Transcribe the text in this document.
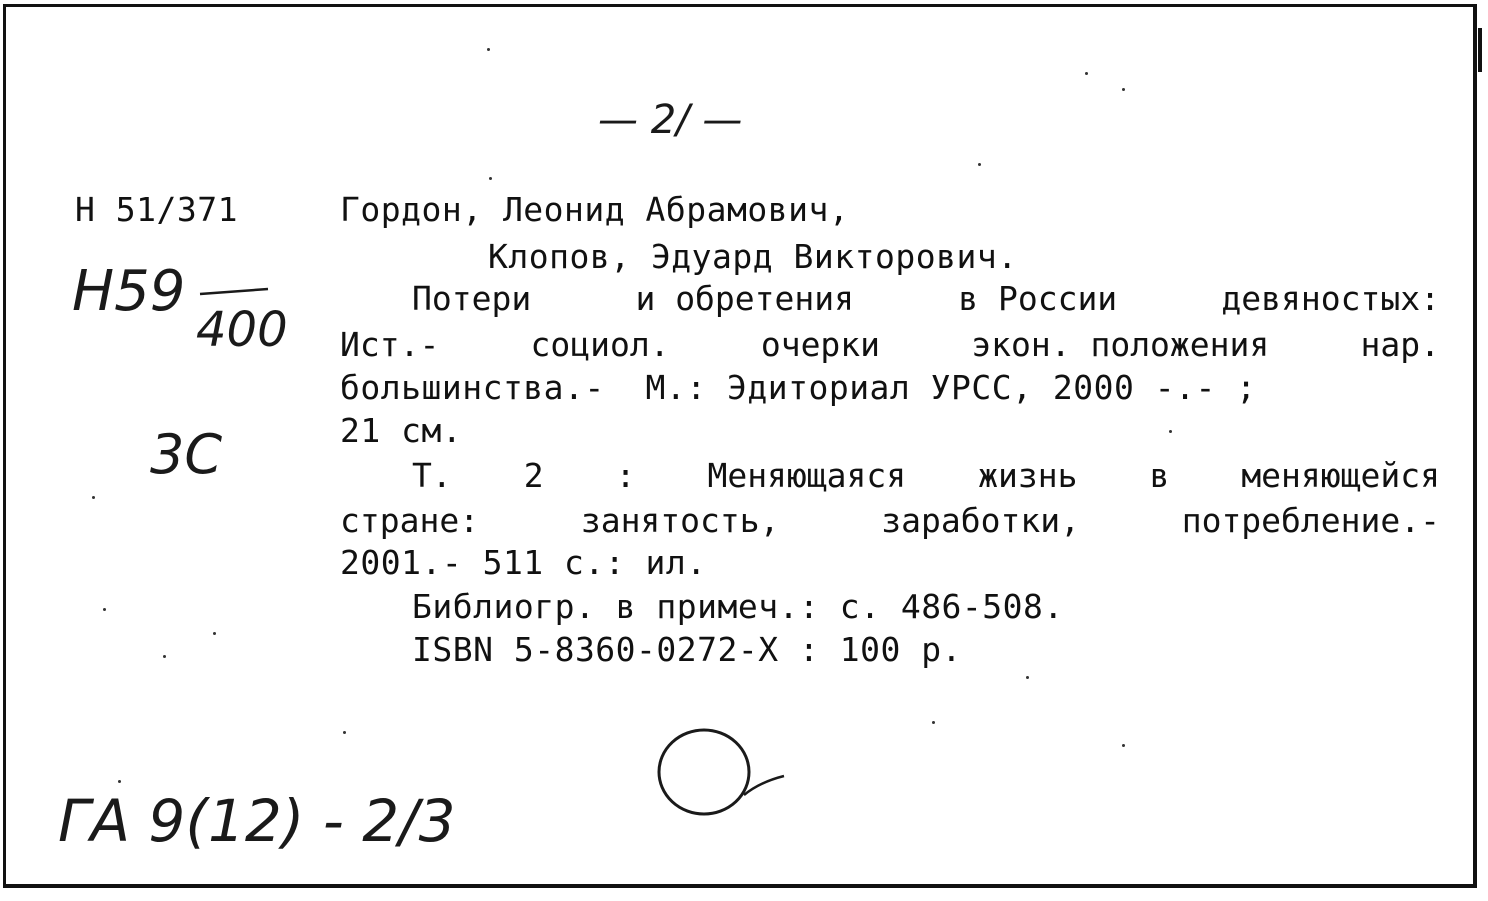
— 2/ —
Н 51/371
Н59
400
3С
ГА 9(12) - 2/3
Гордон, Леонид Абрамович,
Клопов, Эдуард Викторович.
Потери	и обретения	в России	девяностых:
Ист.-	социол.	очерки	экон. положения	нар.
большинства.-  М.: Эдиториал УРСС, 2000 -.- ;
21 см.
Т. 2 : Меняющаяся жизнь в меняющейся
стране:	занятость,	заработки,	потребление.-
2001.- 511 с.: ил.
Библиогр. в примеч.: с. 486-508.
ISBN 5-8360-0272-X : 100 р.
